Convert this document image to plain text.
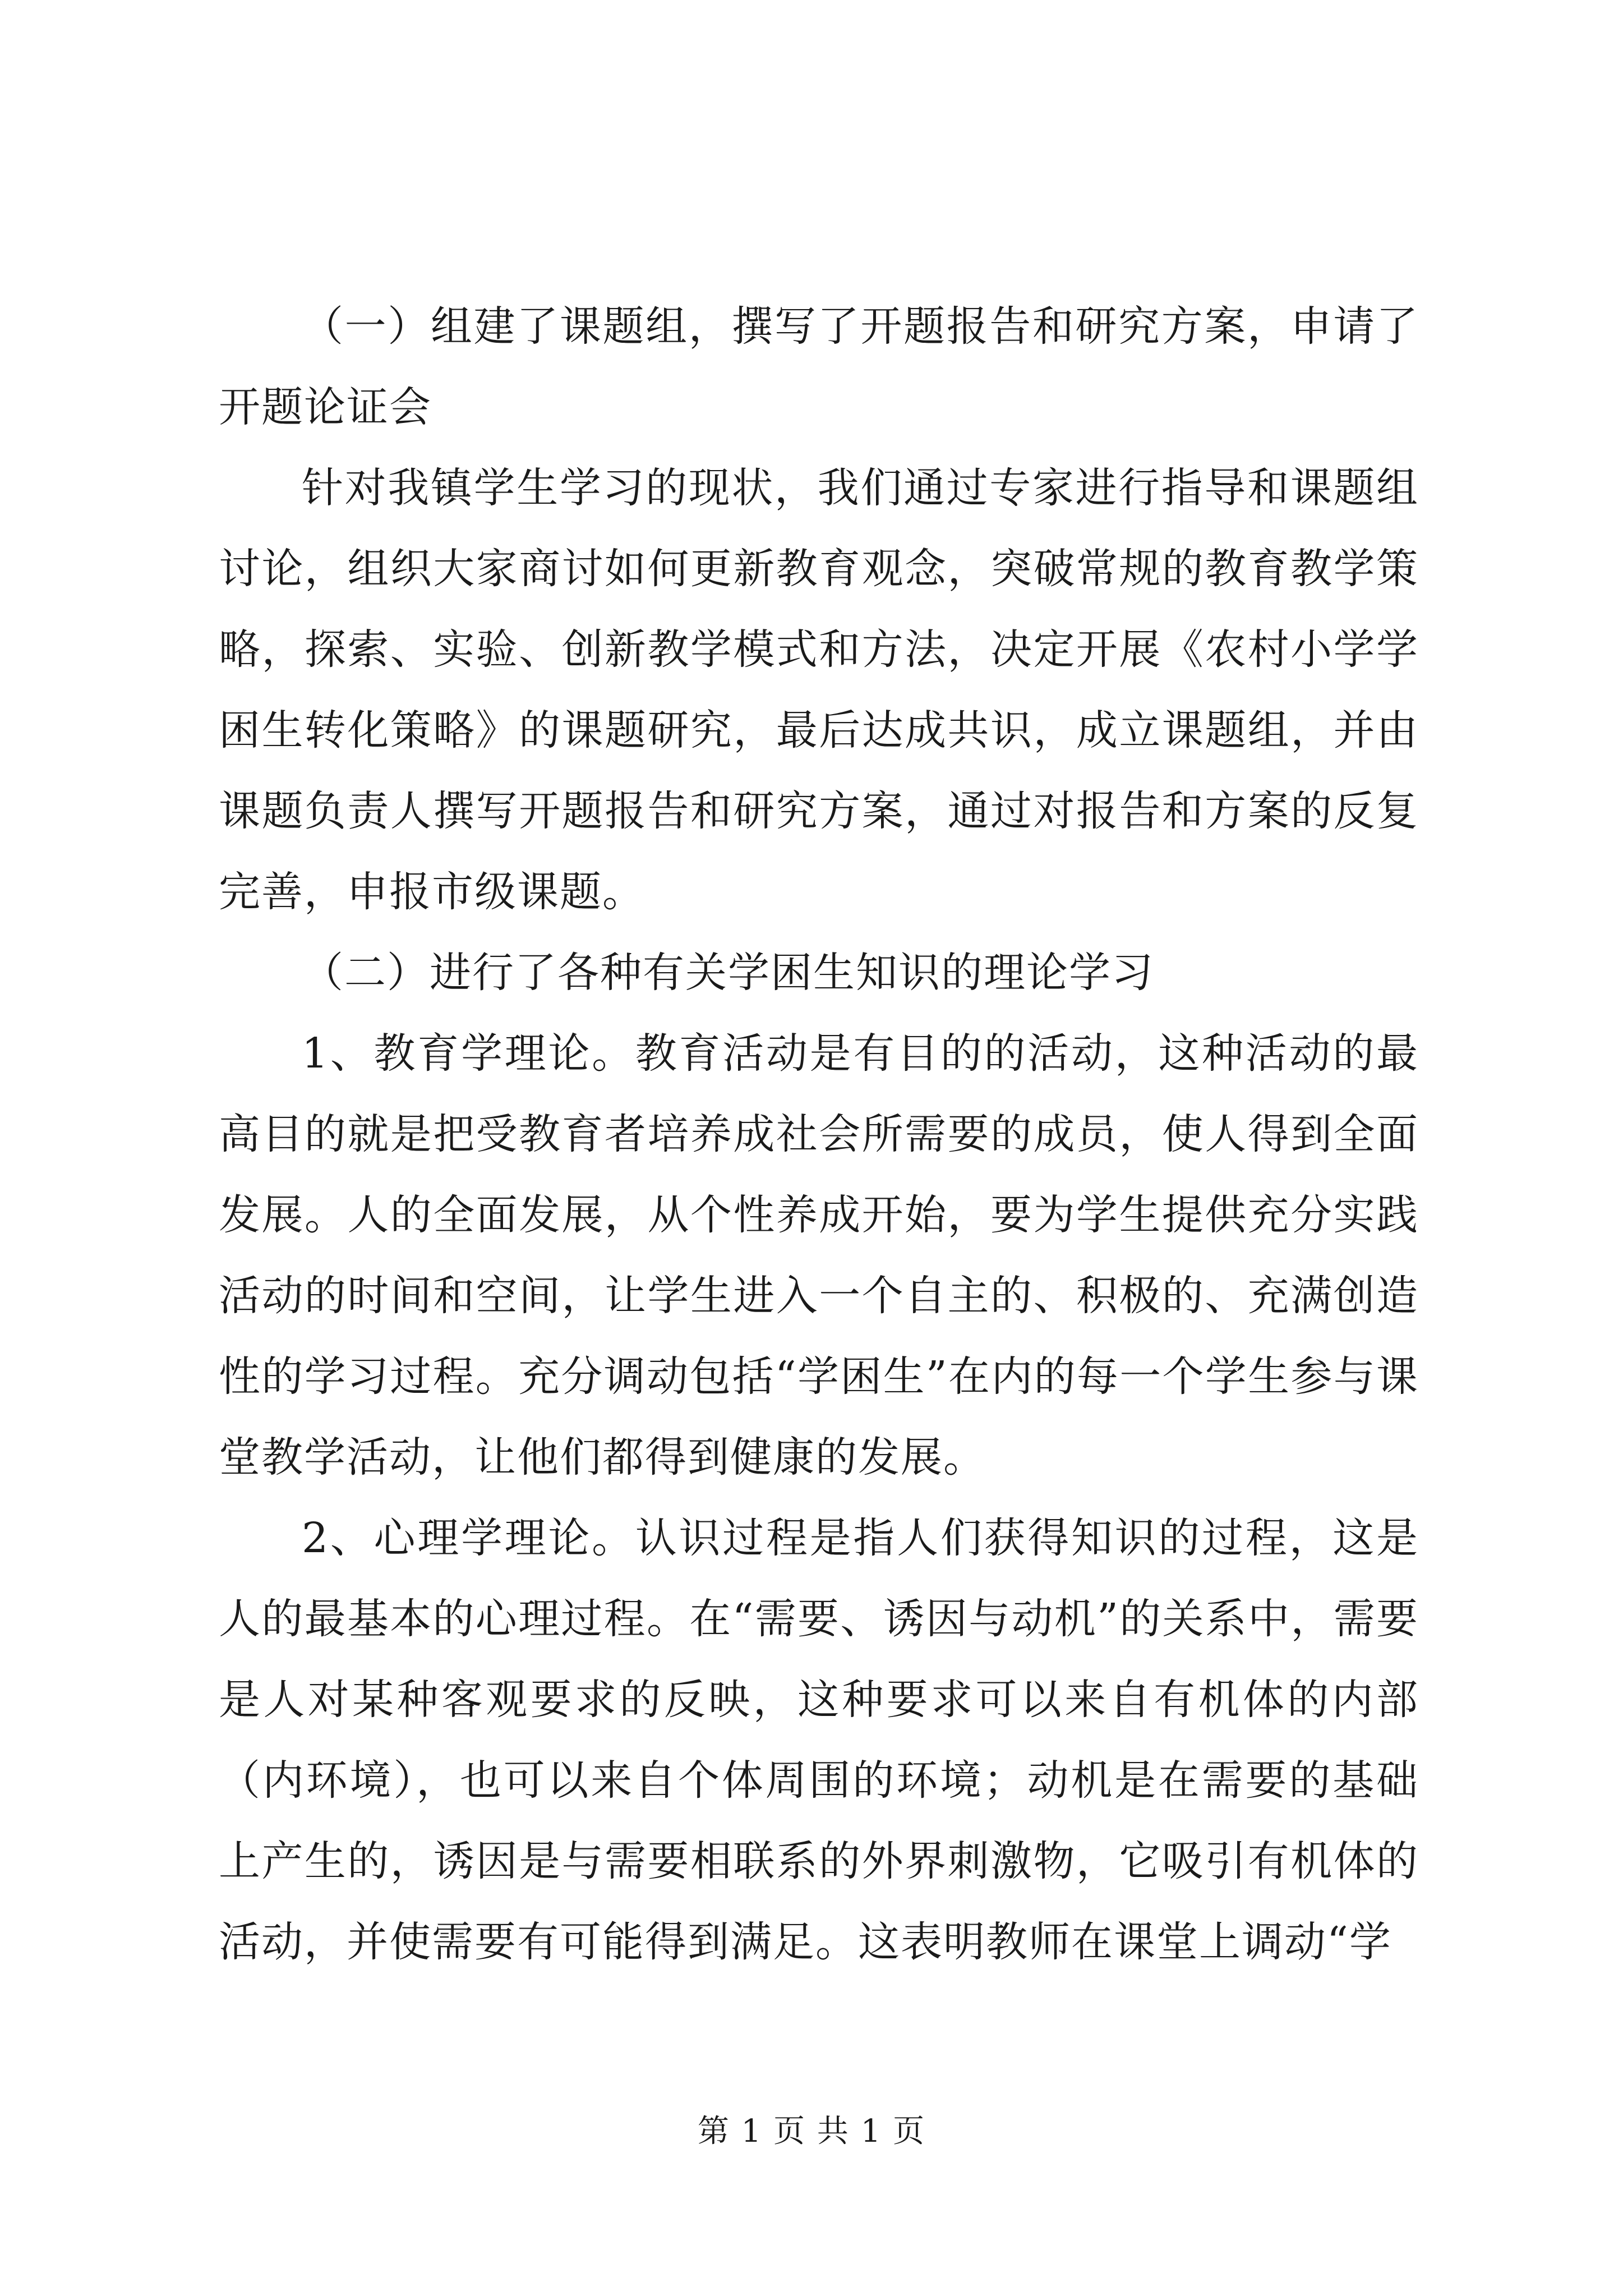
（一）组建了课题组，撰写了开题报告和研究方案，申请了开题论证会

针对我镇学生学习的现状，我们通过专家进行指导和课题组讨论，组织大家商讨如何更新教育观念，突破常规的教育教学策略，探索、实验、创新教学模式和方法，决定开展《农村小学学困生转化策略》的课题研究，最后达成共识，成立课题组，并由课题负责人撰写开题报告和研究方案，通过对报告和方案的反复完善，申报市级课题。

（二）进行了各种有关学困生知识的理论学习

1、教育学理论。教育活动是有目的的活动，这种活动的最高目的就是把受教育者培养成社会所需要的成员，使人得到全面发展。人的全面发展，从个性养成开始，要为学生提供充分实践活动的时间和空间，让学生进入一个自主的、积极的、充满创造性的学习过程。充分调动包括“学困生”在内的每一个学生参与课堂教学活动，让他们都得到健康的发展。

2、心理学理论。认识过程是指人们获得知识的过程，这是人的最基本的心理过程。在“需要、诱因与动机”的关系中，需要是人对某种客观要求的反映，这种要求可以来自有机体的内部（内环境），也可以来自个体周围的环境；动机是在需要的基础上产生的，诱因是与需要相联系的外界刺激物，它吸引有机体的活动，并使需要有可能得到满足。这表明教师在课堂上调动“学

第 1 页 共 1 页
